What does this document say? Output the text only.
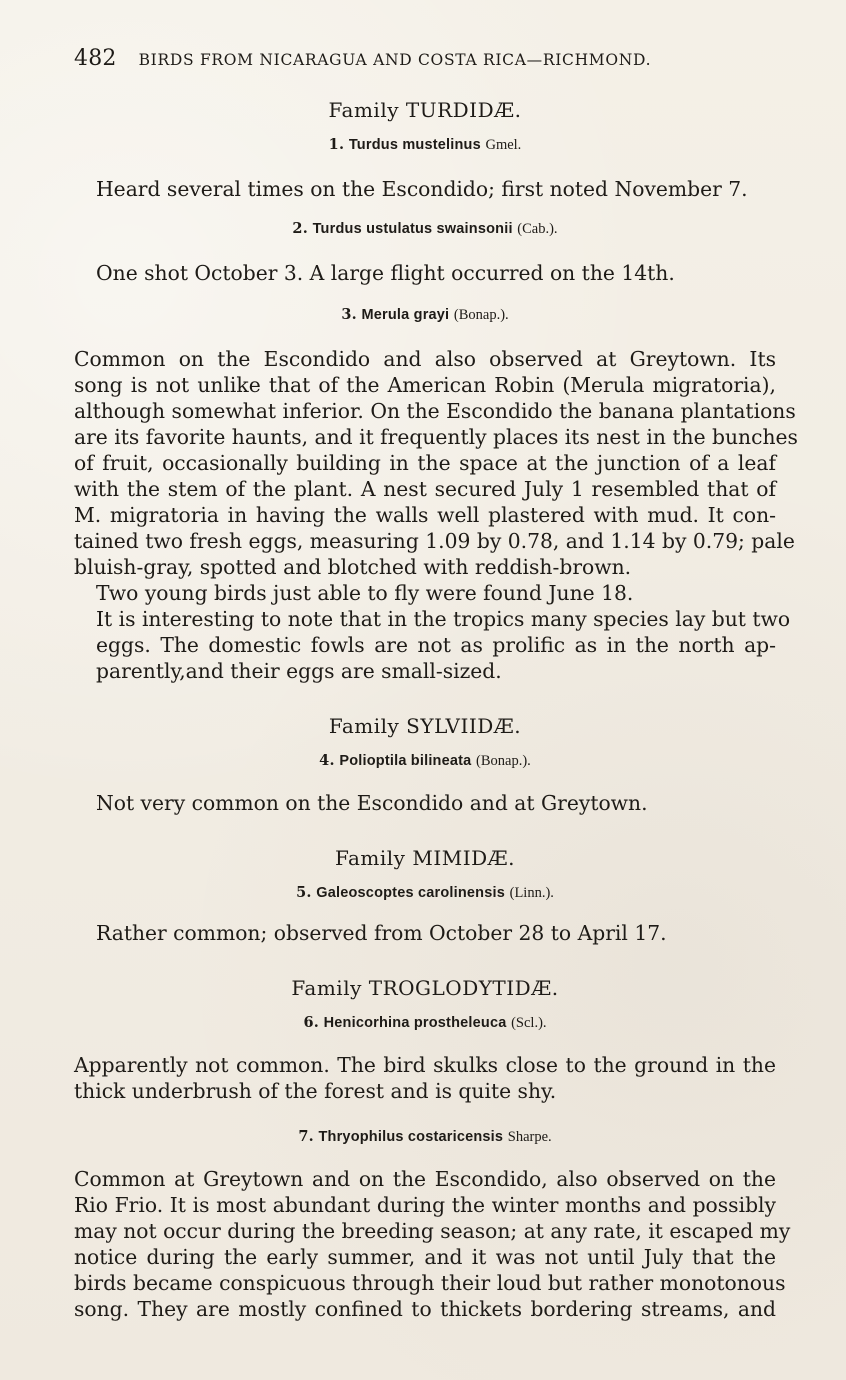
482 BIRDS FROM NICARAGUA AND COSTA RICA—RICHMOND.
Family TURDIDÆ.
1. Turdus mustelinus Gmel.
Heard several times on the Escondido; first noted November 7.
2. Turdus ustulatus swainsonii (Cab.).
One shot October 3. A large flight occurred on the 14th.
3. Merula grayi (Bonap.).
Common on the Escondido and also observed at Greytown. Its
song is not unlike that of the American Robin (Merula migratoria),
although somewhat inferior. On the Escondido the banana plantations
are its favorite haunts, and it frequently places its nest in the bunches
of fruit, occasionally building in the space at the junction of a leaf
with the stem of the plant. A nest secured July 1 resembled that of
M. migratoria in having the walls well plastered with mud. It con-
tained two fresh eggs, measuring 1.09 by 0.78, and 1.14 by 0.79; pale
bluish-gray, spotted and blotched with reddish-brown.
Two young birds just able to fly were found June 18.
It is interesting to note that in the tropics many species lay but two
eggs. The domestic fowls are not as prolific as in the north ap-
parently,and their eggs are small-sized.
Family SYLVIIDÆ.
4. Polioptila bilineata (Bonap.).
Not very common on the Escondido and at Greytown.
Family MIMIDÆ.
5. Galeoscoptes carolinensis (Linn.).
Rather common; observed from October 28 to April 17.
Family TROGLODYTIDÆ.
6. Henicorhina prostheleuca (Scl.).
Apparently not common. The bird skulks close to the ground in the
thick underbrush of the forest and is quite shy.
7. Thryophilus costaricensis Sharpe.
Common at Greytown and on the Escondido, also observed on the
Rio Frio. It is most abundant during the winter months and possibly
may not occur during the breeding season; at any rate, it escaped my
notice during the early summer, and it was not until July that the
birds became conspicuous through their loud but rather monotonous
song. They are mostly confined to thickets bordering streams, and
